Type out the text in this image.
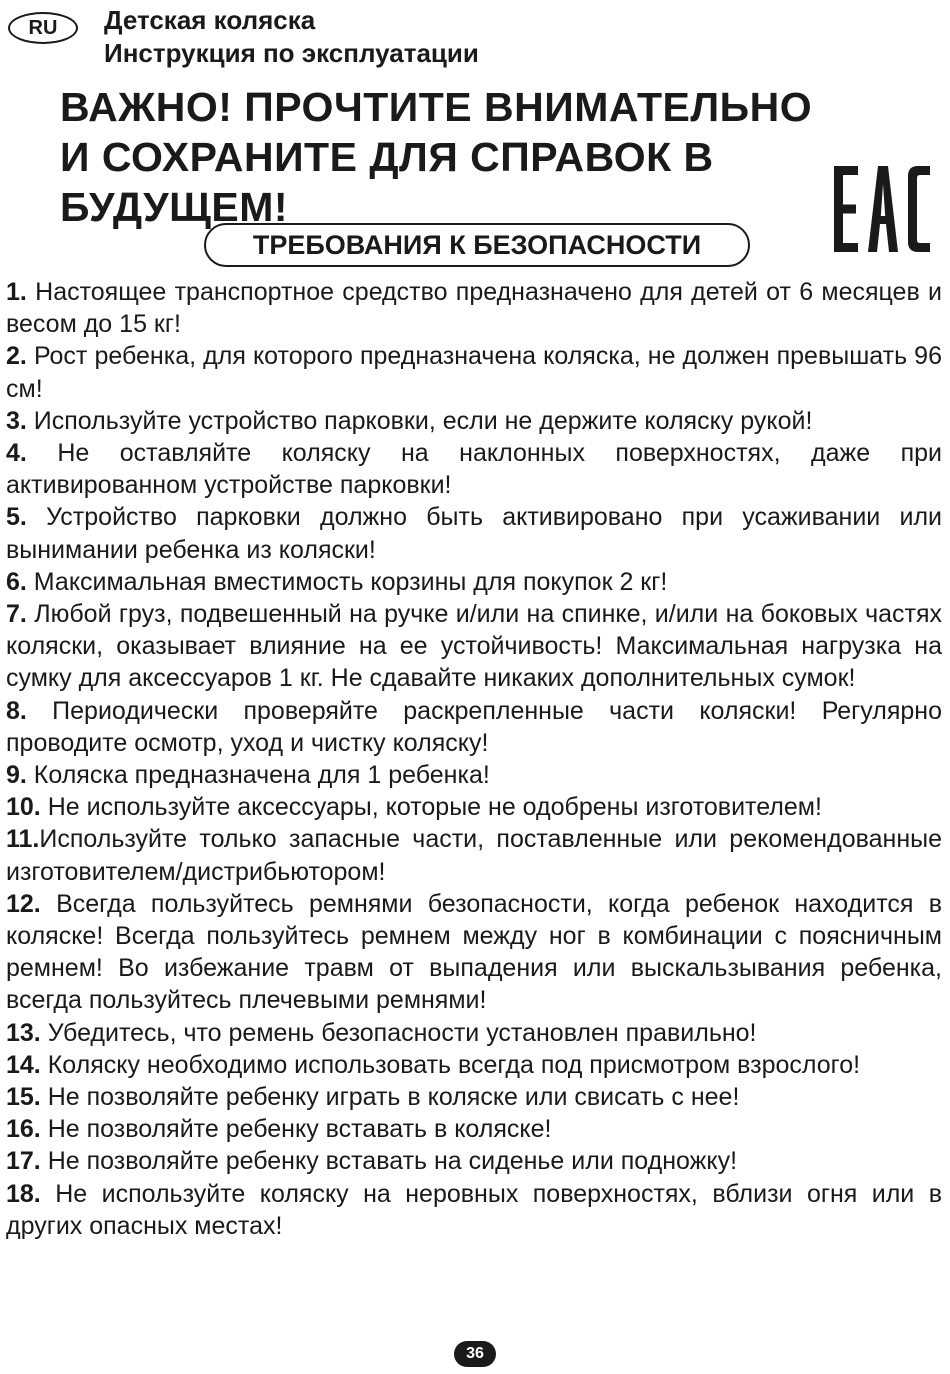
RU Детская коляска
Инструкция по эксплуатации
ВАЖНО! ПРОЧТИТЕ ВНИМАТЕЛЬНО
И СОХРАНИТЕ ДЛЯ СПРАВОК В
БУДУЩЕМ!
ТРЕБОВАНИЯ К БЕЗОПАСНОСТИ
1. Настоящее транспортное средство предназначено для детей от 6 месяцев и весом до 15 кг!
2. Рост ребенка, для которого предназначена коляска, не должен превышать 96 см!
3. Используйте устройство парковки, если не держите коляску рукой!
4. Не оставляйте коляску на наклонных поверхностях, даже при активированном устройстве парковки!
5. Устройство парковки должно быть активировано при усаживании или вынимании ребенка из коляски!
6. Максимальная вместимость корзины для покупок 2 кг!
7. Любой груз, подвешенный на ручке и/или на спинке, и/или на боковых частях коляски, оказывает влияние на ее устойчивость! Максимальная нагрузка на сумку для аксессуаров 1 кг. Не сдавайте никаких дополнительных сумок!
8. Периодически проверяйте раскрепленные части коляски! Регулярно проводите осмотр, уход и чистку коляску!
9. Коляска предназначена для 1 ребенка!
10. Не используйте аксессуары, которые не одобрены изготовителем!
11.Используйте только запасные части, поставленные или рекомендованные изготовителем/дистрибьютором!
12. Всегда пользуйтесь ремнями безопасности, когда ребенок находится в коляске! Всегда пользуйтесь ремнем между ног в комбинации с поясничным ремнем! Во избежание травм от выпадения или выскальзывания ребенка, всегда пользуйтесь плечевыми ремнями!
13. Убедитесь, что ремень безопасности установлен правильно!
14. Коляску необходимо использовать всегда под присмотром взрослого!
15. Не позволяйте ребенку играть в коляске или свисать с нее!
16. Не позволяйте ребенку вставать в коляске!
17. Не позволяйте ребенку вставать на сиденье или подножку!
18. Не используйте коляску на неровных поверхностях, вблизи огня или в других опасных местах!
36
